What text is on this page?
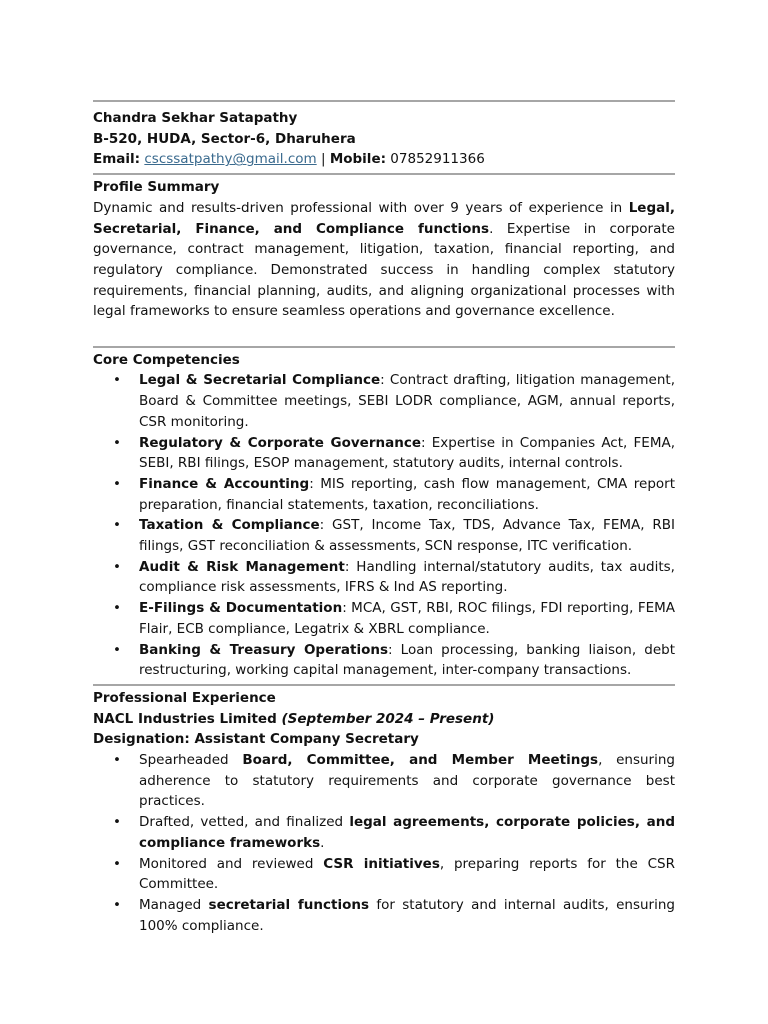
Chandra Sekhar Satapathy
B-520, HUDA, Sector-6, Dharuhera
Email: cscssatpathy@gmail.com | Mobile: 07852911366
Profile Summary

Dynamic and results-driven professional with over 9 years of experience in Legal, Secretarial, Finance, and Compliance functions. Expertise in corporate governance, contract management, litigation, taxation, financial reporting, and regulatory compliance. Demonstrated success in handling complex statutory requirements, financial planning, audits, and aligning organizational processes with legal frameworks to ensure seamless operations and governance excellence.

Core Competencies
• Legal & Secretarial Compliance: Contract drafting, litigation management, Board & Committee meetings, SEBI LODR compliance, AGM, annual reports, CSR monitoring.
• Regulatory & Corporate Governance: Expertise in Companies Act, FEMA, SEBI, RBI filings, ESOP management, statutory audits, internal controls.
• Finance & Accounting: MIS reporting, cash flow management, CMA report preparation, financial statements, taxation, reconciliations.
• Taxation & Compliance: GST, Income Tax, TDS, Advance Tax, FEMA, RBI filings, GST reconciliation & assessments, SCN response, ITC verification.
• Audit & Risk Management: Handling internal/statutory audits, tax audits, compliance risk assessments, IFRS & Ind AS reporting.
• E-Filings & Documentation: MCA, GST, RBI, ROC filings, FDI reporting, FEMA Flair, ECB compliance, Legatrix & XBRL compliance.
• Banking & Treasury Operations: Loan processing, banking liaison, debt restructuring, working capital management, inter-company transactions.
Professional Experience
NACL Industries Limited (September 2024 – Present)
Designation: Assistant Company Secretary
• Spearheaded Board, Committee, and Member Meetings, ensuring adherence to statutory requirements and corporate governance best practices.
• Drafted, vetted, and finalized legal agreements, corporate policies, and compliance frameworks.
• Monitored and reviewed CSR initiatives, preparing reports for the CSR Committee.
• Managed secretarial functions for statutory and internal audits, ensuring 100% compliance.
